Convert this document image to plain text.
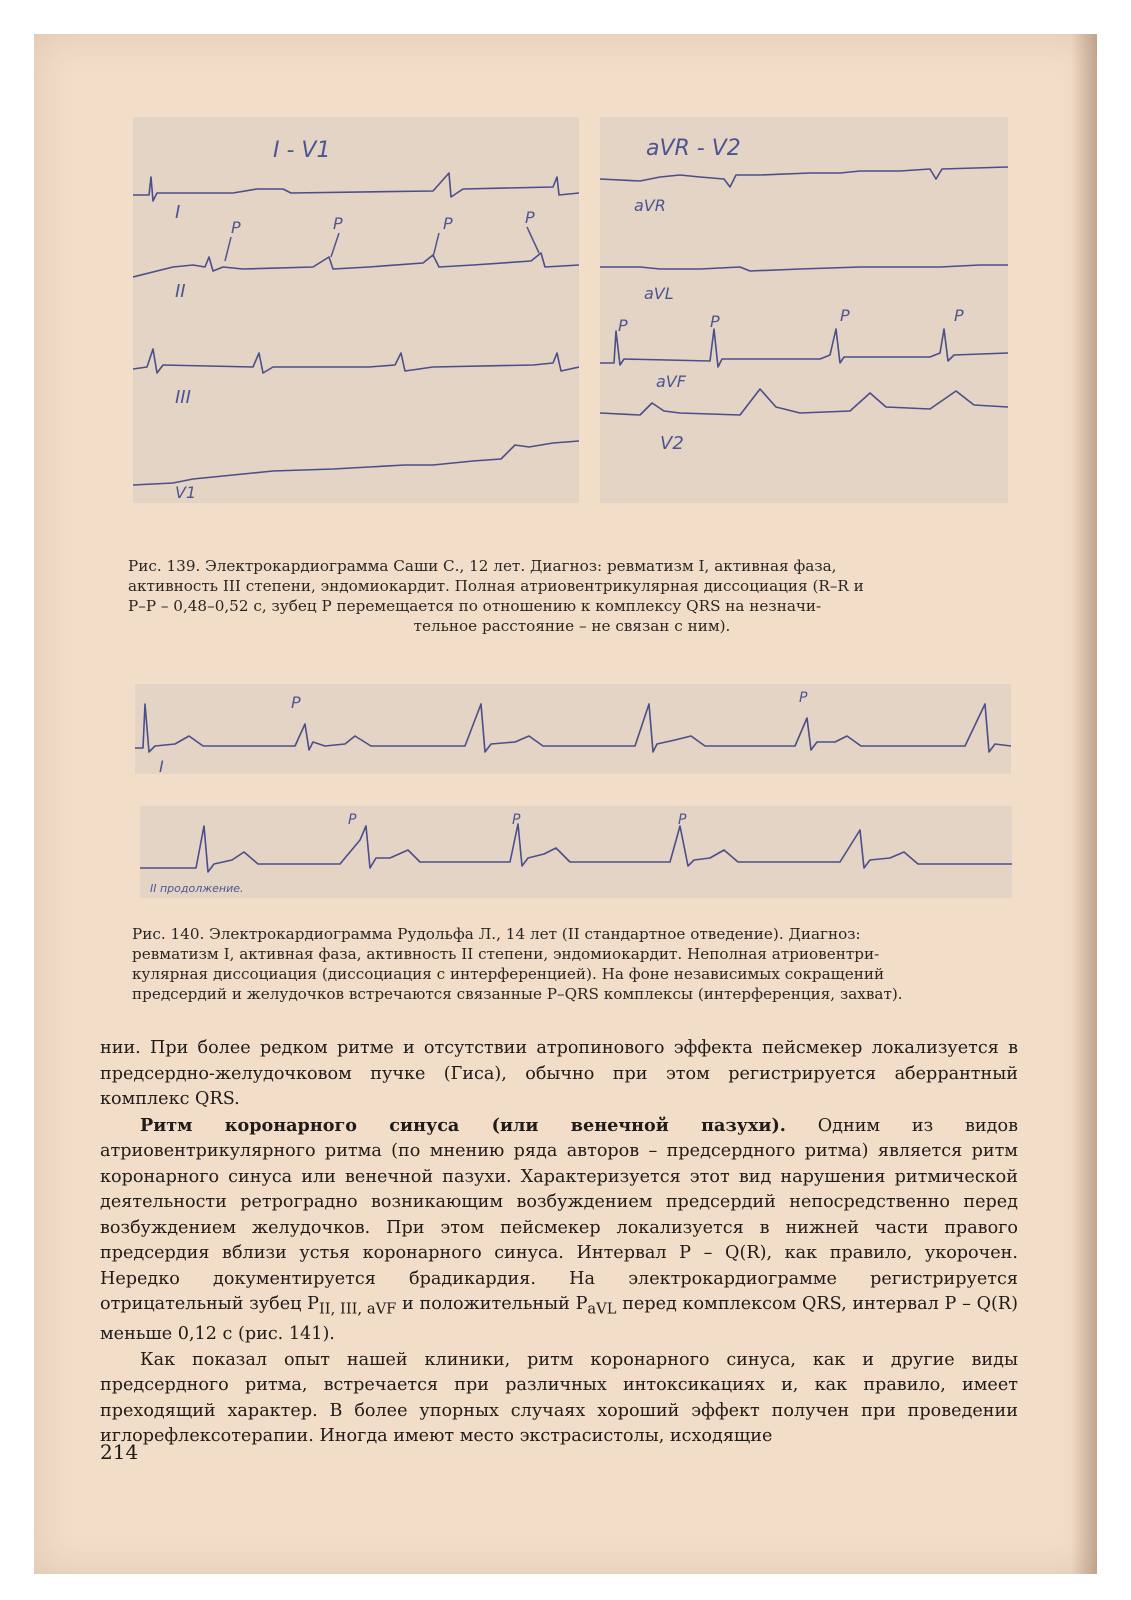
I - V1
I
II
III
V1
P	P	P	P
aVR - V2
aVR
aVL
aVF
V2
P	P	P	P
Рис. 139. Электрокардиограмма Саши С., 12 лет. Диагноз: ревматизм I, активная фаза,
активность III степени, эндомиокардит. Полная атриовентрикулярная диссоциация (R–R и
P–P – 0,48–0,52 с, зубец P перемещается по отношению к комплексу QRS на незначи-
тельное расстояние – не связан с ним).
P	P
I
P	P	P
II продолжение.
Рис. 140. Электрокардиограмма Рудольфа Л., 14 лет (II стандартное отведение). Диагноз:
ревматизм I, активная фаза, активность II степени, эндомиокардит. Неполная атриовентри-
кулярная диссоциация (диссоциация с интерференцией). На фоне независимых сокращений
предсердий и желудочков встречаются связанные P–QRS комплексы (интерференция, захват).

нии. При более редком ритме и отсутствии атропинового эффекта пейсмекер локализуется в предсердно-желудочковом пучке (Гиса), обычно при этом регистрируется аберрантный комплекс QRS.

Ритм коронарного синуса (или венечной пазухи). Одним из видов атриовентрикулярного ритма (по мнению ряда авторов – предсердного ритма) является ритм коронарного синуса или венечной пазухи. Характеризуется этот вид нарушения ритмической деятельности ретроградно возникающим возбуждением предсердий непосредственно перед возбуждением желудочков. При этом пейсмекер локализуется в нижней части правого предсердия вблизи устья коронарного синуса. Интервал P – Q(R), как правило, укорочен. Нередко документируется брадикардия. На электрокардиограмме регистрируется отрицательный зубец $P_{II, III, aVF}$ и положительный $P_{aVL}$ перед комплексом QRS, интервал P – Q(R) меньше 0,12 с (рис. 141).

Как показал опыт нашей клиники, ритм коронарного синуса, как и другие виды предсердного ритма, встречается при различных интоксикациях и, как правило, имеет преходящий характер. В более упорных случаях хороший эффект получен при проведении иглорефлексотерапии. Иногда имеют место экстрасистолы, исходящие

214
